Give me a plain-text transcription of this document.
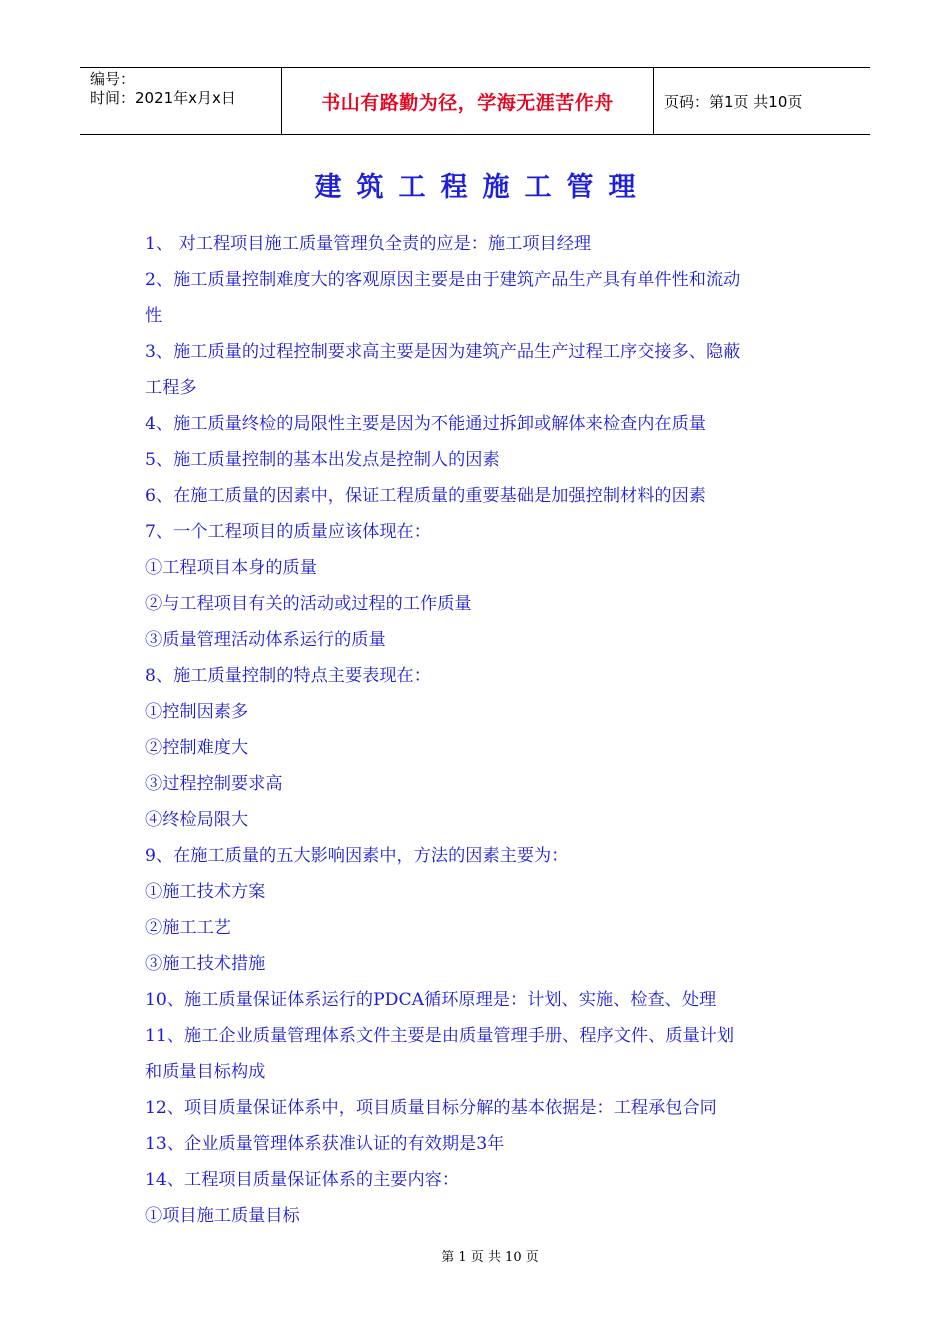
编号：
时间：2021年x月x日	书山有路勤为径，学海无涯苦作舟	页码：第1页 共10页
建筑工程施工管理
1、 对工程项目施工质量管理负全责的应是：施工项目经理
2、施工质量控制难度大的客观原因主要是由于建筑产品生产具有单件性和流动
性
3、施工质量的过程控制要求高主要是因为建筑产品生产过程工序交接多、隐蔽
工程多
4、施工质量终检的局限性主要是因为不能通过拆卸或解体来检查内在质量
5、施工质量控制的基本出发点是控制人的因素
6、在施工质量的因素中，保证工程质量的重要基础是加强控制材料的因素
7、一个工程项目的质量应该体现在：
①工程项目本身的质量
②与工程项目有关的活动或过程的工作质量
③质量管理活动体系运行的质量
8、施工质量控制的特点主要表现在：
①控制因素多
②控制难度大
③过程控制要求高
④终检局限大
9、在施工质量的五大影响因素中，方法的因素主要为：
①施工技术方案
②施工工艺
③施工技术措施
10、施工质量保证体系运行的PDCA循环原理是：计划、实施、检查、处理
11、施工企业质量管理体系文件主要是由质量管理手册、程序文件、质量计划
和质量目标构成
12、项目质量保证体系中，项目质量目标分解的基本依据是：工程承包合同
13、企业质量管理体系获准认证的有效期是3年
14、工程项目质量保证体系的主要内容：
①项目施工质量目标
第 1 页 共 10 页
